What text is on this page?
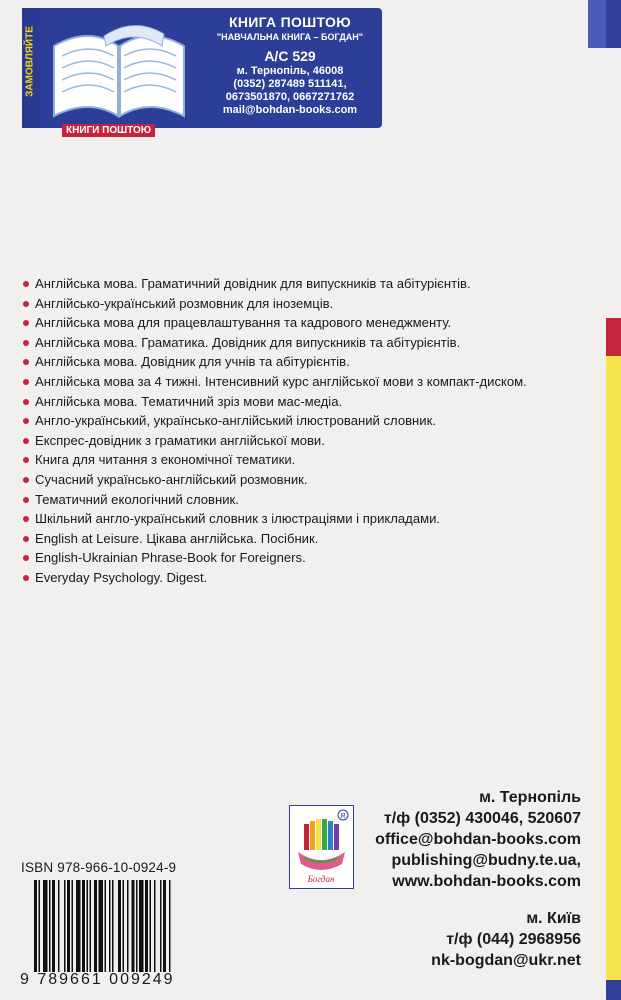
ЗАМОВЛЯЙТЕ
КНИГИ ПОШТОЮ
КНИГА ПОШТОЮ
"НАВЧАЛЬНА КНИГА – БОГДАН"
А/С 529
м. Тернопіль, 46008
(0352) 287489 511141,
0673501870, 0667271762
mail@bohdan-books.com
Англійська мова. Граматичний довідник для випускників та абітурієнтів.
Англійсько-український розмовник для іноземців.
Англійська мова для працевлаштування та кадрового менеджменту.
Англійська мова. Граматика. Довідник для випускників та абітурієнтів.
Англійська мова. Довідник для учнів та абітурієнтів.
Англійська мова за 4 тижні. Інтенсивний курс англійської мови з компакт-диском.
Англійська мова. Тематичний зріз мови мас-медіа.
Англо-український, українсько-англійський ілюстрований словник.
Експрес-довідник з граматики англійської мови.
Книга для читання з економічної тематики.
Сучасний українсько-англійський розмовник.
Тематичний екологічний словник.
Шкільний англо-український словник з ілюстраціями і прикладами.
English at Leisure. Цікава англійська. Посібник.
English-Ukrainian Phrase-Book for Foreigners.
Everyday Psychology. Digest.
ISBN 978-966-10-0924-9
9 789661 009249
R
Богдан
м. Тернопіль
т/ф (0352) 430046, 520607
office@bohdan-books.com
publishing@budny.te.ua,
www.bohdan-books.com
м. Київ
т/ф (044) 2968956
nk-bogdan@ukr.net
